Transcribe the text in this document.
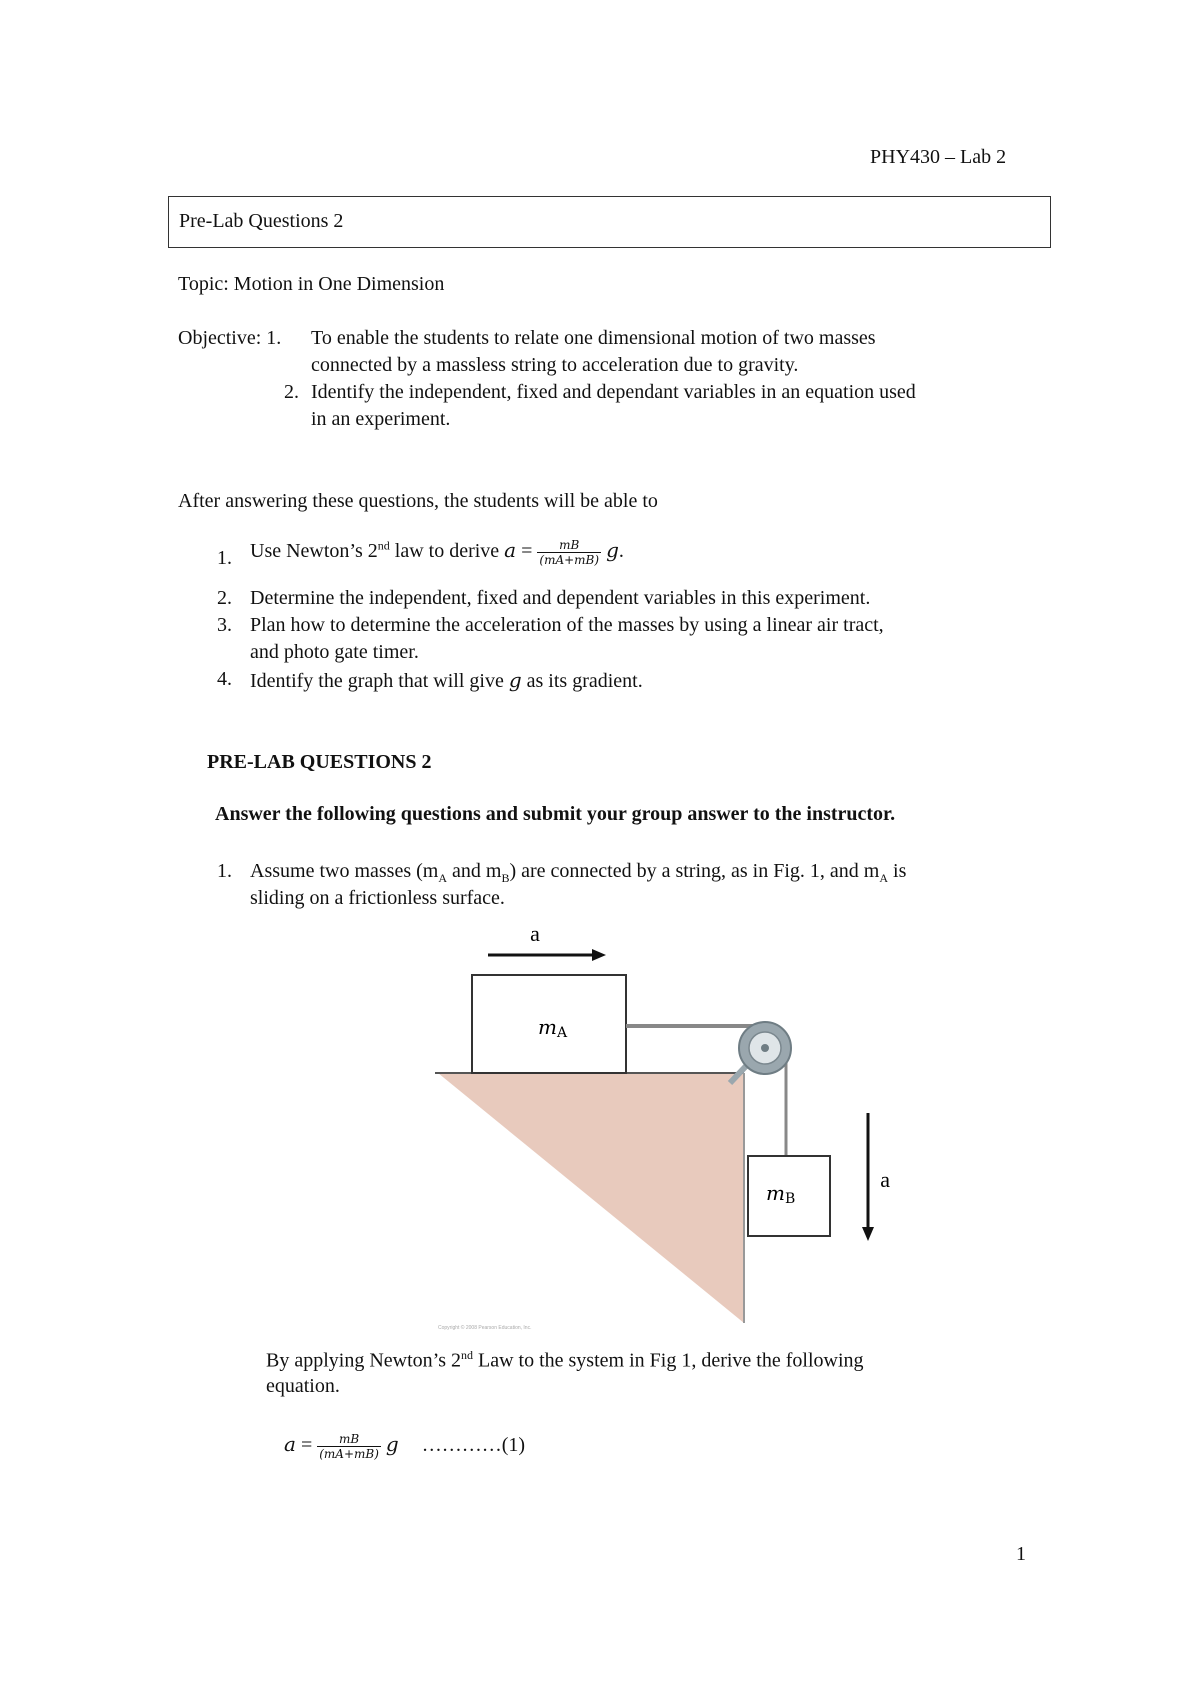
PHY430 – Lab 2

Pre-Lab Questions 2

Topic: Motion in One Dimension

Objective: 1. To enable the students to relate one dimensional motion of two masses
connected by a massless string to acceleration due to gravity.
2. Identify the independent, fixed and dependant variables in an equation used
in an experiment.

After answering these questions, the students will be able to

1. Use Newton’s 2nd law to derive $a = \frac{mB}{(mA+mB)} g$.
2. Determine the independent, fixed and dependent variables in this experiment.
3. Plan how to determine the acceleration of the masses by using a linear air tract,
and photo gate timer.
4. Identify the graph that will give g as its gradient.

PRE-LAB QUESTIONS 2

Answer the following questions and submit your group answer to the instructor.

1. Assume two masses ($m_A$ and $m_B$) are connected by a string, as in Fig. 1, and $m_A$ is
sliding on a frictionless surface.
a
mA
mB
a
Copyright © 2008 Pearson Education, Inc.
By applying Newton’s 2nd Law to the system in Fig 1, derive the following
equation.
$a = \frac{mB}{(mA+mB)}$ g …………(1)

1
